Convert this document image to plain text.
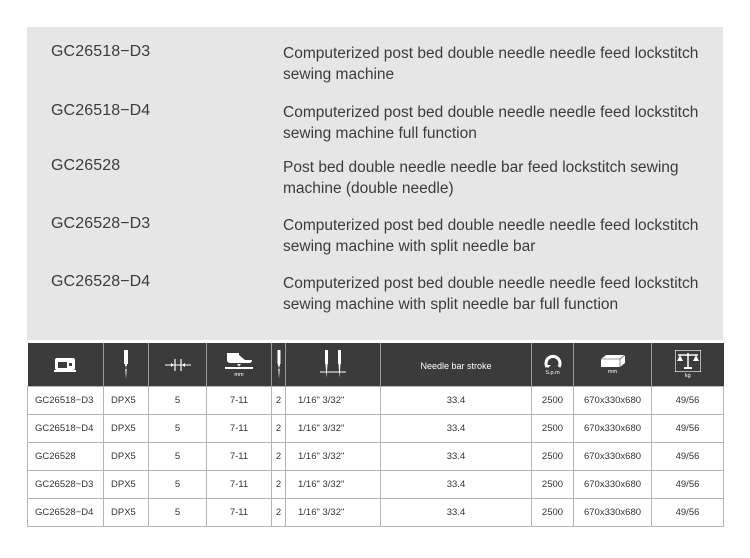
GC26518−D3	Computerized post bed double needle needle feed lockstitch sewing machine
GC26518−D4	Computerized post bed double needle needle feed lockstitch sewing machine full function
GC26528	Post bed double needle needle bar feed lockstitch sewing machine (double needle)
GC26528−D3	Computerized post bed double needle needle feed lockstitch sewing machine with split needle bar
GC26528−D4	Computerized post bed double needle needle feed lockstitch sewing machine with split needle bar full function

mm			Needle bar stroke	S.p.m	mm	kg

GC26518−D3	DPX5	5	7-11	2	1/16" 3/32"	33.4	2500	670x330x680	49/56
GC26518−D4	DPX5	5	7-11	2	1/16" 3/32"	33.4	2500	670x330x680	49/56
GC26528	DPX5	5	7-11	2	1/16" 3/32"	33.4	2500	670x330x680	49/56
GC26528−D3	DPX5	5	7-11	2	1/16" 3/32"	33.4	2500	670x330x680	49/56
GC26528−D4	DPX5	5	7-11	2	1/16" 3/32"	33.4	2500	670x330x680	49/56
